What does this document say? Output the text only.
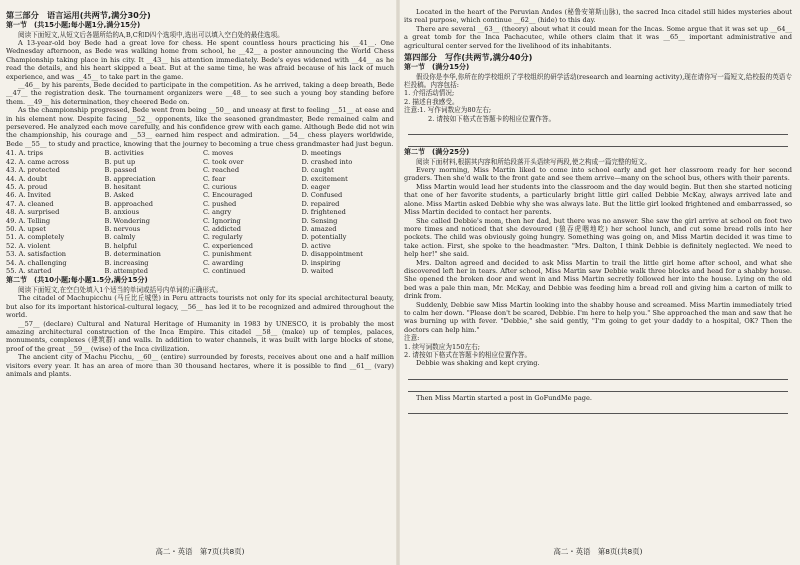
第三部分　语言运用(共两节,满分30分)
第一节　(共15小题;每小题1分,满分15分)

阅读下面短文,从短文后各题所给的A,B,C和D四个选项中,选出可以填入空白处的最佳选项。

A 13-year-old boy Bede had a great love for chess. He spent countless hours practicing his __41__. One Wednesday afternoon, as Bede was walking home from school, he __42__ a poster announcing the World Chess Championship taking place in his city. It __43__ his attention immediately. Bede's eyes widened with __44__ as he read the details, and his heart skipped a beat. But at the same time, he was afraid because of his lack of much experience, and was __45__ to take part in the game.

__46__ by his parents, Bede decided to participate in the competition. As he arrived, taking a deep breath, Bede __47__ the registration desk. The tournament organizers were __48__ to see such a young boy standing before them. __49__ his determination, they cheered Bede on.

As the championship progressed, Bede went from being __50__ and uneasy at first to feeling __51__ at ease and in his element now. Despite facing __52__ opponents, like the seasoned grandmaster, Bede remained calm and persevered. He analyzed each move carefully, and his confidence grew with each game. Although Bede did not win the championship, his courage and __53__ earned him respect and admiration. __54__ chess players worldwide, Bede __55__ to study and practice, knowing that the journey to becoming a true chess grandmaster had just begun.

41. A. trips	B. activities	C. moves	D. meetings
42. A. came across	B. put up	C. took over	D. crashed into
43. A. protected	B. passed	C. reached	D. caught
44. A. doubt	B. appreciation	C. fear	D. excitement
45. A. proud	B. hesitant	C. curious	D. eager
46. A. Invited	B. Asked	C. Encouraged	D. Confused
47. A. cleaned	B. approached	C. pushed	D. repaired
48. A. surprised	B. anxious	C. angry	D. frightened
49. A. Telling	B. Wondering	C. Ignoring	D. Sensing
50. A. upset	B. nervous	C. addicted	D. amazed
51. A. completely	B. calmly	C. regularly	D. potentially
52. A. violent	B. helpful	C. experienced	D. active
53. A. satisfaction	B. determination	C. punishment	D. disappointment
54. A. challenging	B. increasing	C. awarding	D. inspiring
55. A. started	B. attempted	C. continued	D. waited
第二节　(共10小题;每小题1.5分,满分15分)

阅读下面短文,在空白处填入1个适当的单词或括号内单词的正确形式。

The citadel of Machupicchu (马丘比丘城堡) in Peru attracts tourists not only for its special architectural beauty, but also for its important historical-cultural legacy, __56__ has led it to be recognized and admired throughout the world.

__57__ (declare) Cultural and Natural Heritage of Humanity in 1983 by UNESCO, it is probably the most amazing architectural construction of the Inca Empire. This citadel __58__ (make) up of temples, palaces, monuments, complexes (建筑群) and walls. In addition to water channels, it was built with large blocks of stone, proof of the great __59__ (wise) of the Inca civilization.

The ancient city of Machu Picchu, __60__ (entire) surrounded by forests, receives about one and a half million visitors every year. It has an area of more than 30 thousand hectares, where it is possible to find __61__ (vary) animals and plants.

高二・英语　第7页(共8页)

Located in the heart of the Peruvian Andes (秘鲁安第斯山脉), the sacred Inca citadel still hides mysteries about its real purpose, which continue __62__ (hide) to this day.

There are several __63__ (theory) about what it could mean for the Incas. Some argue that it was set up __64__ a great tomb for the Inca Pachacutec, while others claim that it was __65__ important administrative and agricultural center served for the livelihood of its inhabitants.

第四部分　写作(共两节,满分40分)
第一节　(满分15分)

假设你是李华,你所在的学校组织了学校组织的研学活动(research and learning activity),现在请你写一篇短文,给校报的英语专栏投稿。内容包括:

1. 介绍活动情况;

2. 描述自我感受。

注意:1. 写作词数应为80左右;

2. 请按如下格式在答题卡的相应位置作答。

第二节　(满分25分)

阅读下面材料,根据其内容和所给段落开头语续写两段,使之构成一篇完整的短文。

Every morning, Miss Martin liked to come into school early and get her classroom ready for her second graders. Then she'd walk to the front gate and see them arrive—many on the school bus, others with their parents.

Miss Martin would lead her students into the classroom and the day would begin. But then she started noticing that one of her favorite students, a particularly bright little girl called Debbie McKay, always arrived late and alone. Miss Martin asked Debbie why she was always late. But the little girl looked frightened and embarrassed, so Miss Martin decided to contact her parents.

She called Debbie's mom, then her dad, but there was no answer. She saw the girl arrive at school on foot two more times and noticed that she devoured (狼吞虎咽地吃) her school lunch, and cut some bread rolls into her pockets. The child was obviously going hungry. Something was going on, and Miss Martin decided it was time to take action. First, she spoke to the headmaster. "Mrs. Dalton, I think Debbie is definitely neglected. We need to help her!" she said.

Mrs. Dalton agreed and decided to ask Miss Martin to trail the little girl home after school, and what she discovered left her in tears. After school, Miss Martin saw Debbie walk three blocks and head for a shabby house. She opened the broken door and went in and Miss Martin secretly followed her into the house. Lying on the old bed was a pale thin man, Mr. McKay, and Debbie was feeding him a bread roll and giving him a carton of milk to drink from.

Suddenly, Debbie saw Miss Martin looking into the shabby house and screamed. Miss Martin immediately tried to calm her down. "Please don't be scared, Debbie. I'm here to help you." She approached the man and saw that he was burning up with fever. "Debbie," she said gently, "I'm going to get your daddy to a hospital, OK? Then the doctors can help him."

注意:

1. 续写词数应为150左右;

2. 请按如下格式在答题卡的相应位置作答。

Debbie was shaking and kept crying.

Then Miss Martin started a post in GoFundMe page.

高二・英语　第8页(共8页)
